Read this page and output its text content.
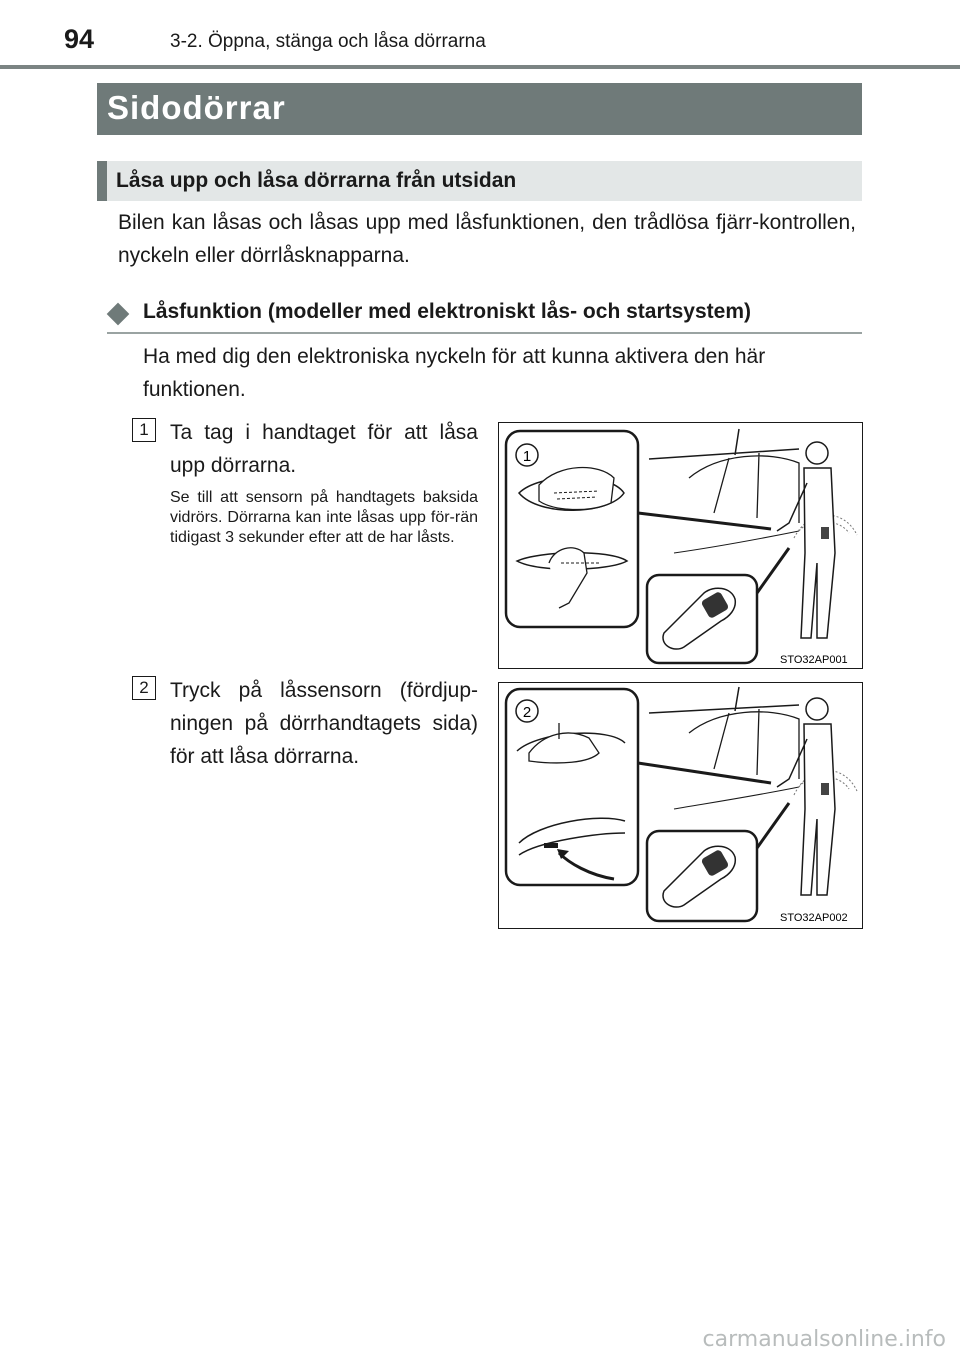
94	3-2. Öppna, stänga och låsa dörrarna
Sidodörrar
Låsa upp och låsa dörrarna från utsidan
Bilen kan låsas och låsas upp med låsfunktionen, den trådlösa fjärr-kontrollen, nyckeln eller dörrlåsknapparna.
Låsfunktion (modeller med elektroniskt lås- och startsystem)
Ha med dig den elektroniska nyckeln för att kunna aktivera den här funktionen.
1	Ta tag i handtaget för att låsa upp dörrarna.
Se till att sensorn på handtagets baksida vidrörs. Dörrarna kan inte låsas upp för-rän tidigast 3 sekunder efter att de har låsts.
1
STO32AP001
2	Tryck på låssensorn (fördjup-ningen på dörrhandtagets sida) för att låsa dörrarna.
2
STO32AP002
carmanualsonline.info
